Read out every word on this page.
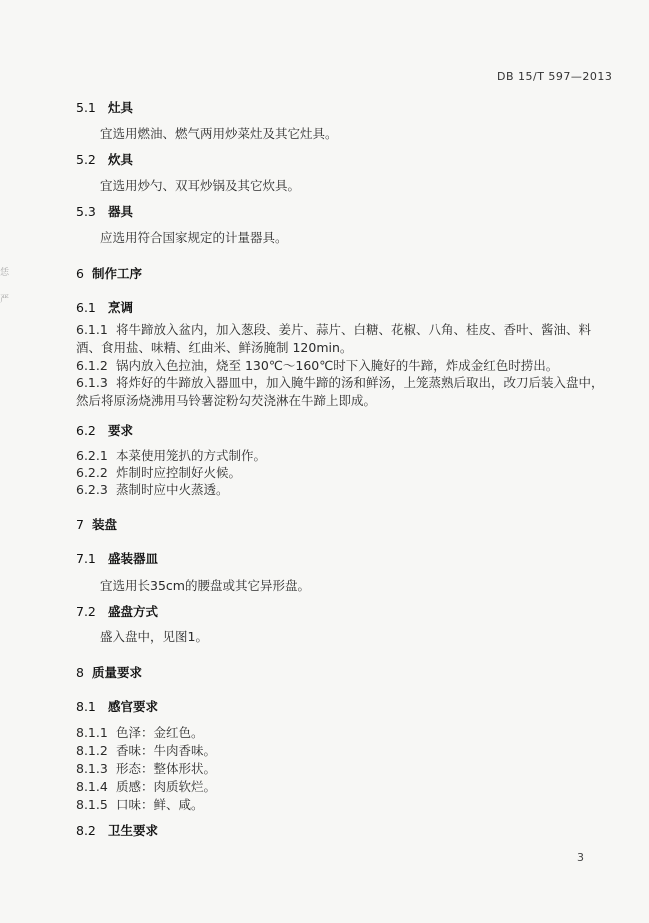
DB 15/T 597—2013
恁
严
5.1 灶具
宜选用燃油、燃气两用炒菜灶及其它灶具。
5.2 炊具
宜选用炒勺、双耳炒锅及其它炊具。
5.3 器具
应选用符合国家规定的计量器具。
6 制作工序
6.1 烹调
6.1.1 将牛蹄放入盆内，加入葱段、姜片、蒜片、白糖、花椒、八角、桂皮、香叶、酱油、料酒、食用盐、味精、红曲米、鲜汤腌制 120min。
6.1.2 锅内放入色拉油，烧至 130℃～160℃时下入腌好的牛蹄，炸成金红色时捞出。
6.1.3 将炸好的牛蹄放入器皿中，加入腌牛蹄的汤和鲜汤，上笼蒸熟后取出，改刀后装入盘中，然后将原汤烧沸用马铃薯淀粉勾芡浇淋在牛蹄上即成。
6.2 要求
6.2.1 本菜使用笼扒的方式制作。
6.2.2 炸制时应控制好火候。
6.2.3 蒸制时应中火蒸透。
7 装盘
7.1 盛装器皿
宜选用长35cm的腰盘或其它异形盘。
7.2 盛盘方式
盛入盘中，见图1。
8 质量要求
8.1 感官要求
8.1.1 色泽：金红色。
8.1.2 香味：牛肉香味。
8.1.3 形态：整体形状。
8.1.4 质感：肉质软烂。
8.1.5 口味：鲜、咸。
8.2 卫生要求
3
